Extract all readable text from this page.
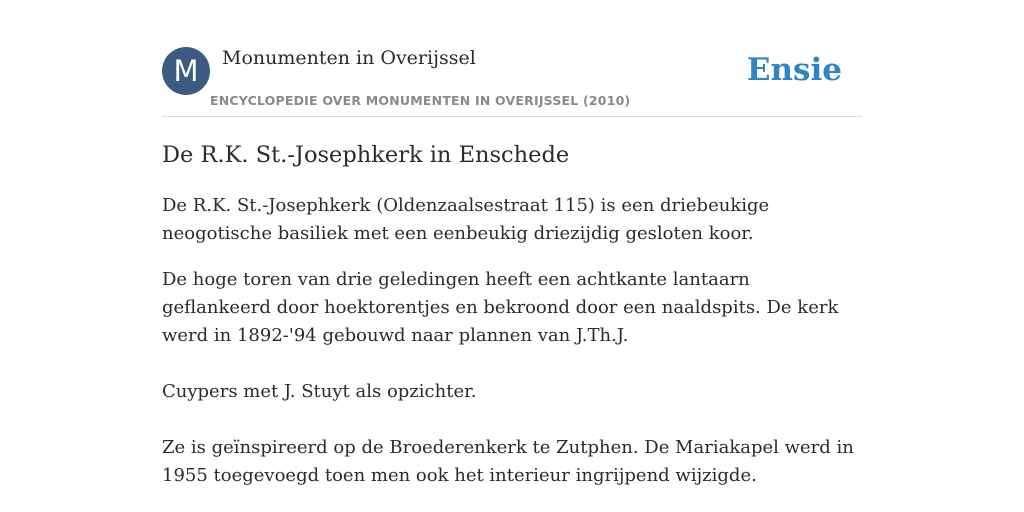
M	Monumenten in Overijssel
ENCYCLOPEDIE OVER MONUMENTEN IN OVERIJSSEL (2010)
Ensie
De R.K. St.-Josephkerk in Enschede

De R.K. St.-Josephkerk (Oldenzaalsestraat 115) is een driebeukige neogotische basiliek met een eenbeukig driezijdig gesloten koor.

De hoge toren van drie geledingen heeft een achtkante lantaarn geflankeerd door hoektorentjes en bekroond door een naaldspits. De kerk werd in 1892-'94 gebouwd naar plannen van J.Th.J.

Cuypers met J. Stuyt als opzichter.

Ze is geïnspireerd op de Broederenkerk te Zutphen. De Mariakapel werd in 1955 toegevoegd toen men ook het interieur ingrijpend wijzigde.
